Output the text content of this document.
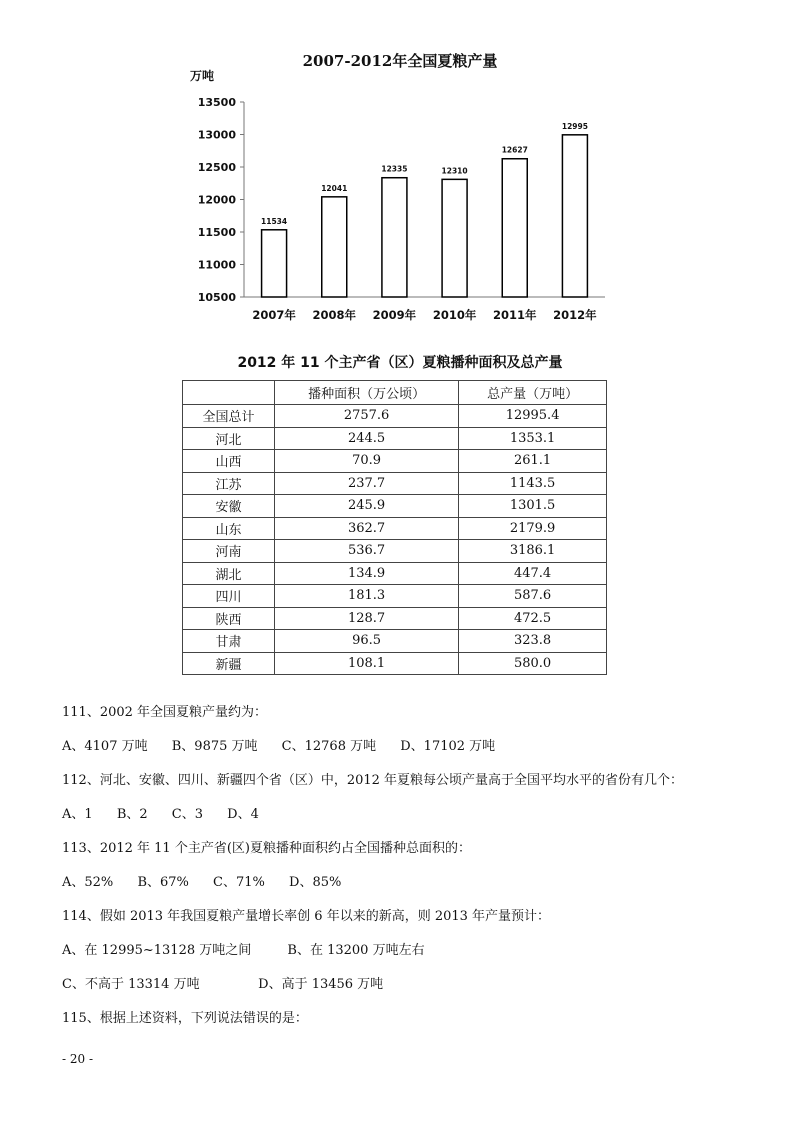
2007-2012年全国夏粮产量
万吨
10500
11000
11500
12000
12500
13000
13500
11534
2007年
12041
2008年
12335
2009年
12310
2010年
12627
2011年
12995
2012年
2012 年 11 个主产省（区）夏粮播种面积及总产量
	播种面积（万公顷）	总产量（万吨）
全国总计	2757.6	12995.4
河北	244.5	1353.1
山西	70.9	261.1
江苏	237.7	1143.5
安徽	245.9	1301.5
山东	362.7	2179.9
河南	536.7	3186.1
湖北	134.9	447.4
四川	181.3	587.6
陕西	128.7	472.5
甘肃	96.5	323.8
新疆	108.1	580.0
111、2002 年全国夏粮产量约为：
A、4107 万吨 B、9875 万吨 C、12768 万吨 D、17102 万吨
112、河北、安徽、四川、新疆四个省（区）中，2012 年夏粮每公顷产量高于全国平均水平的省份有几个：
A、1 B、2 C、3 D、4
113、2012 年 11 个主产省(区)夏粮播种面积约占全国播种总面积的：
A、52% B、67% C、71% D、85%
114、假如 2013 年我国夏粮产量增长率创 6 年以来的新高，则 2013 年产量预计：
A、在 12995~13128 万吨之间	B、在 13200 万吨左右
C、不高于 13314 万吨	D、高于 13456 万吨
115、根据上述资料，下列说法错误的是：
- 20 -
